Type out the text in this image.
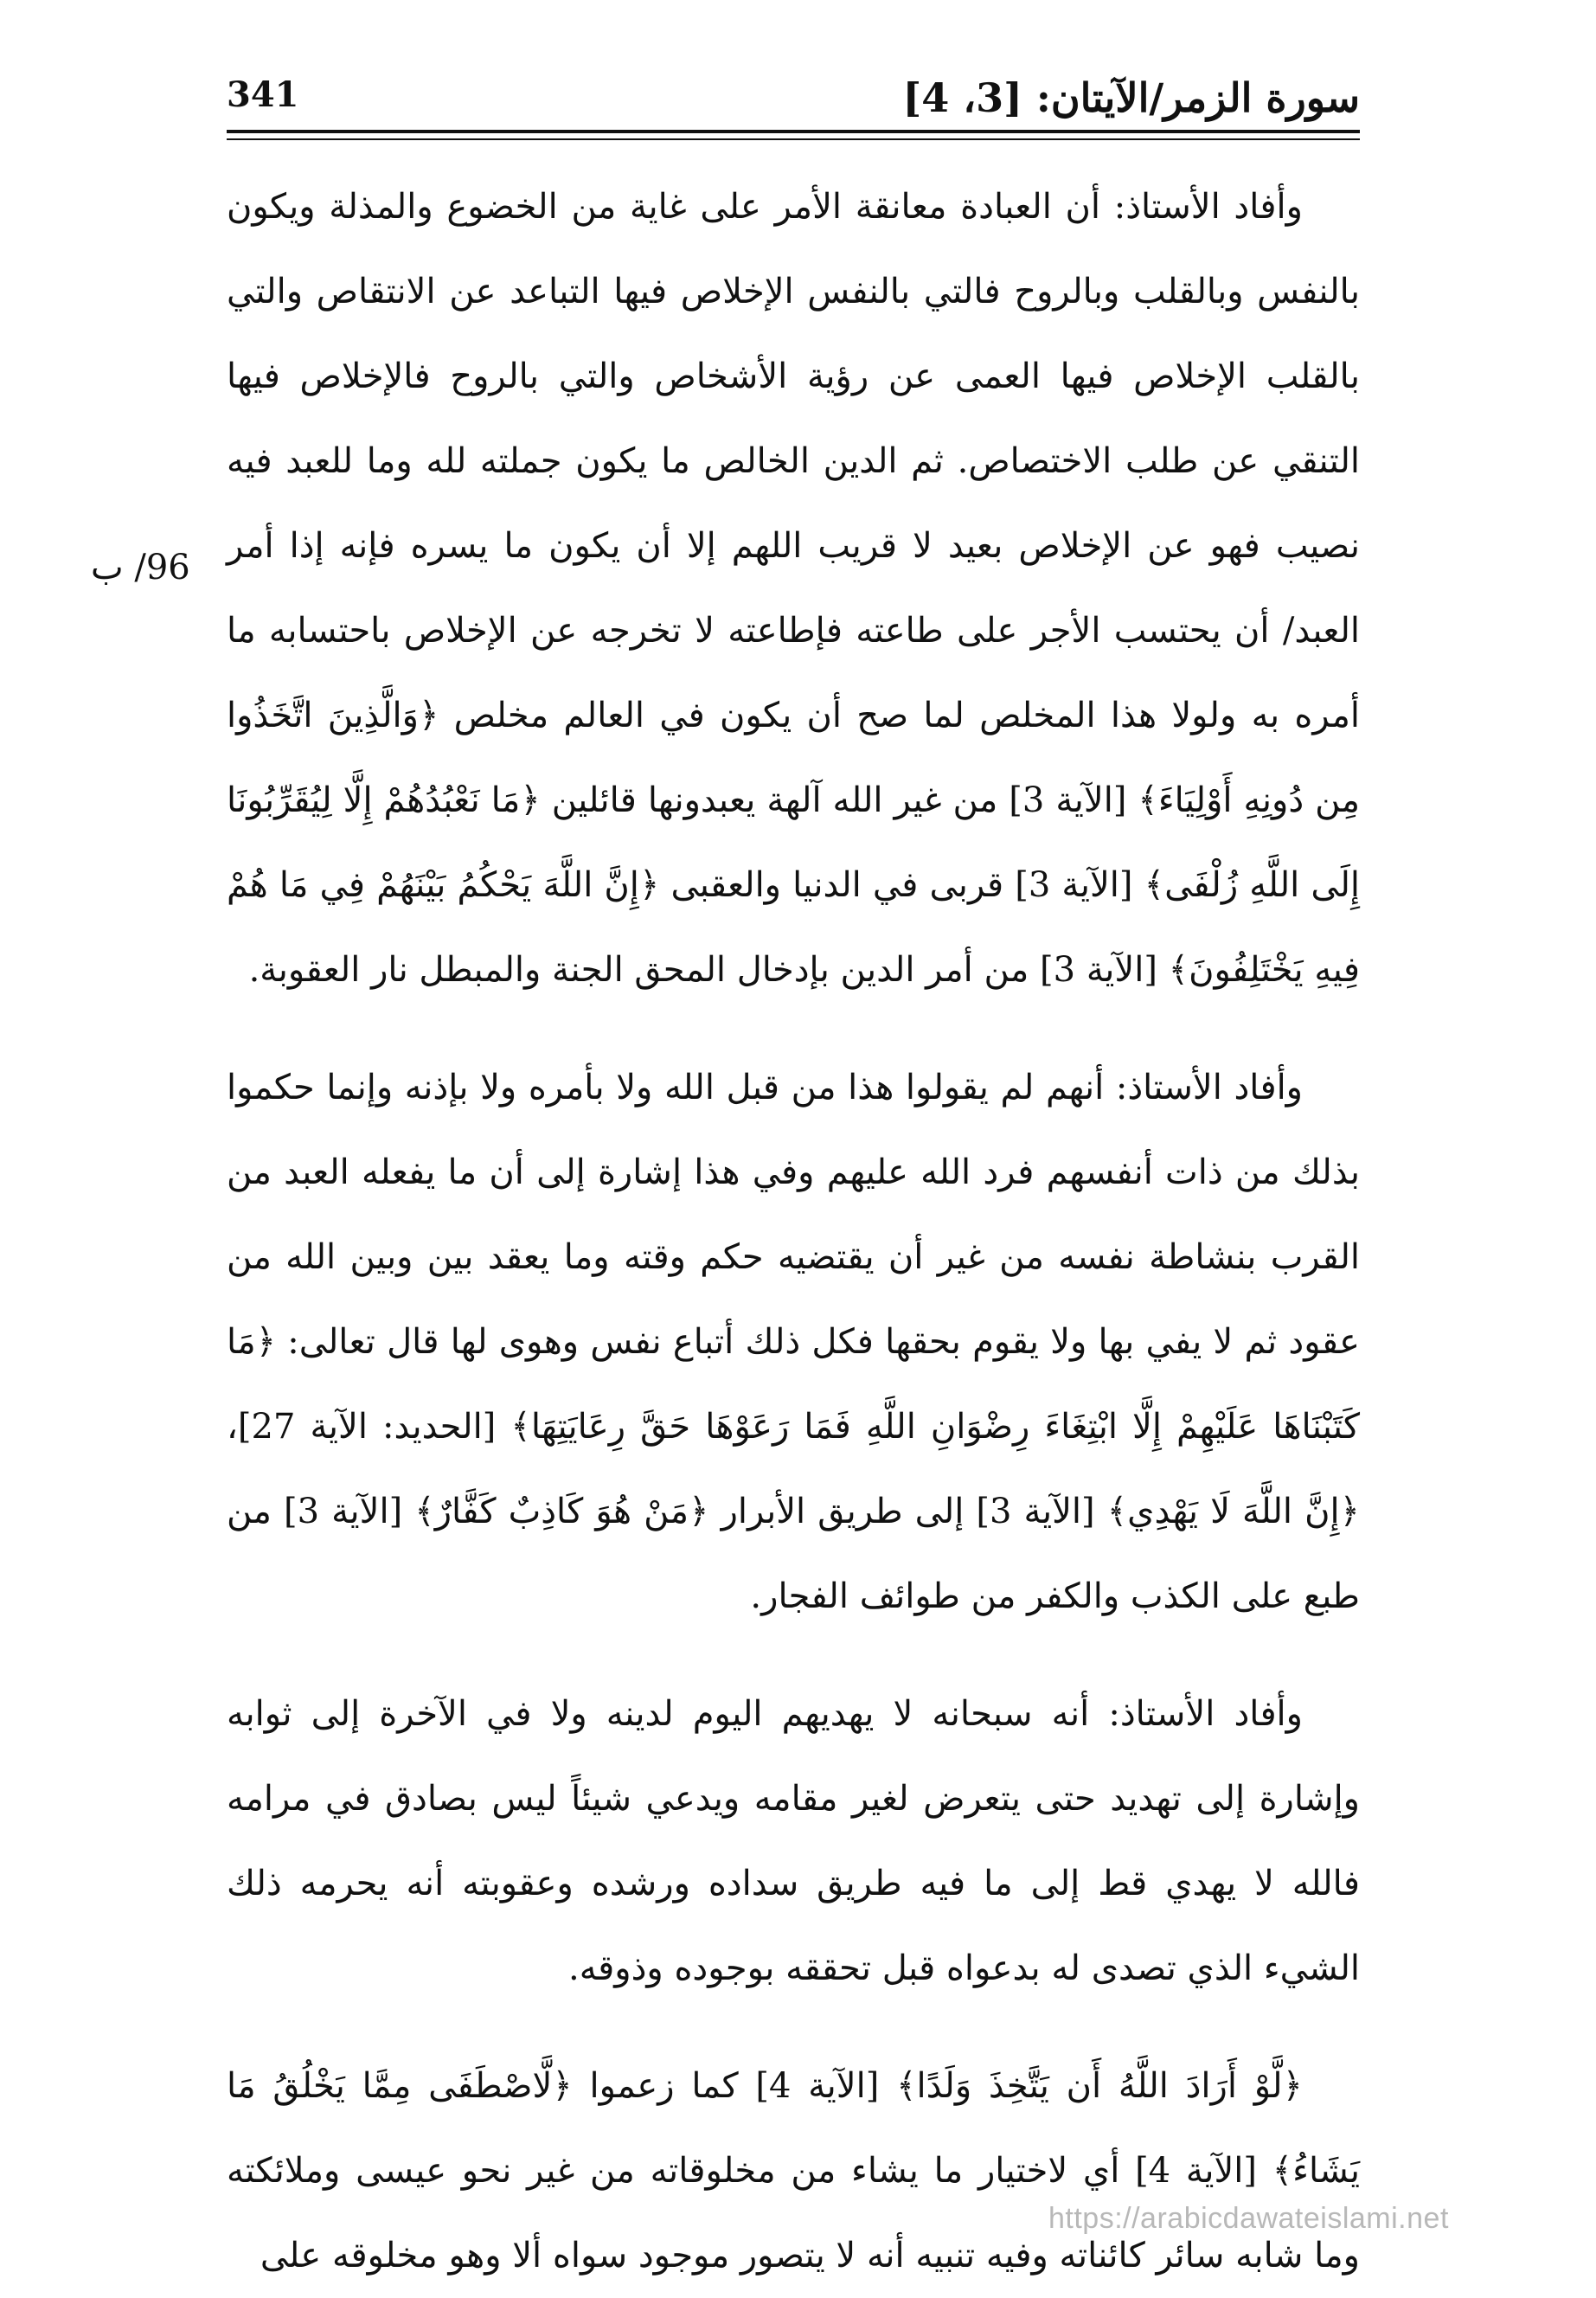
سورة الزمر/الآيتان: [3، 4]
341
96/ ب

وأفاد الأستاذ: أن العبادة معانقة الأمر على غاية من الخضوع والمذلة ويكون بالنفس وبالقلب وبالروح فالتي بالنفس الإخلاص فيها التباعد عن الانتقاص والتي بالقلب الإخلاص فيها العمى عن رؤية الأشخاص والتي بالروح فالإخلاص فيها التنقي عن طلب الاختصاص. ثم الدين الخالص ما يكون جملته لله وما للعبد فيه نصيب فهو عن الإخلاص بعيد لا قريب اللهم إلا أن يكون ما يسره فإنه إذا أمر العبد/ أن يحتسب الأجر على طاعته فإطاعته لا تخرجه عن الإخلاص باحتسابه ما أمره به ولولا هذا المخلص لما صح أن يكون في العالم مخلص ﴿وَالَّذِينَ اتَّخَذُوا مِن دُونِهِ أَوْلِيَاءَ﴾ [الآية 3] من غير الله آلهة يعبدونها قائلين ﴿مَا نَعْبُدُهُمْ إِلَّا لِيُقَرِّبُونَا إِلَى اللَّهِ زُلْفَى﴾ [الآية 3] قربى في الدنيا والعقبى ﴿إِنَّ اللَّهَ يَحْكُمُ بَيْنَهُمْ فِي مَا هُمْ فِيهِ يَخْتَلِفُونَ﴾ [الآية 3] من أمر الدين بإدخال المحق الجنة والمبطل نار العقوبة.

وأفاد الأستاذ: أنهم لم يقولوا هذا من قبل الله ولا بأمره ولا بإذنه وإنما حكموا بذلك من ذات أنفسهم فرد الله عليهم وفي هذا إشارة إلى أن ما يفعله العبد من القرب بنشاطة نفسه من غير أن يقتضيه حكم وقته وما يعقد بين وبين الله من عقود ثم لا يفي بها ولا يقوم بحقها فكل ذلك أتباع نفس وهوى لها قال تعالى: ﴿مَا كَتَبْنَاهَا عَلَيْهِمْ إِلَّا ابْتِغَاءَ رِضْوَانِ اللَّهِ فَمَا رَعَوْهَا حَقَّ رِعَايَتِهَا﴾ [الحديد: الآية 27]، ﴿إِنَّ اللَّهَ لَا يَهْدِي﴾ [الآية 3] إلى طريق الأبرار ﴿مَنْ هُوَ كَاذِبٌ كَفَّارٌ﴾ [الآية 3] من طبع على الكذب والكفر من طوائف الفجار.

وأفاد الأستاذ: أنه سبحانه لا يهديهم اليوم لدينه ولا في الآخرة إلى ثوابه وإشارة إلى تهديد حتى يتعرض لغير مقامه ويدعي شيئاً ليس بصادق في مرامه فالله لا يهدي قط إلى ما فيه طريق سداده ورشده وعقوبته أنه يحرمه ذلك الشيء الذي تصدى له بدعواه قبل تحققه بوجوده وذوقه.

﴿لَّوْ أَرَادَ اللَّهُ أَن يَتَّخِذَ وَلَدًا﴾ [الآية 4] كما زعموا ﴿لَّاصْطَفَى مِمَّا يَخْلُقُ مَا يَشَاءُ﴾ [الآية 4] أي لاختيار ما يشاء من مخلوقاته من غير نحو عيسى وملائكته وما شابه سائر كائناته وفيه تنبيه أنه لا يتصور موجود سواه ألا وهو مخلوقه على

https://arabicdawateislami.net
